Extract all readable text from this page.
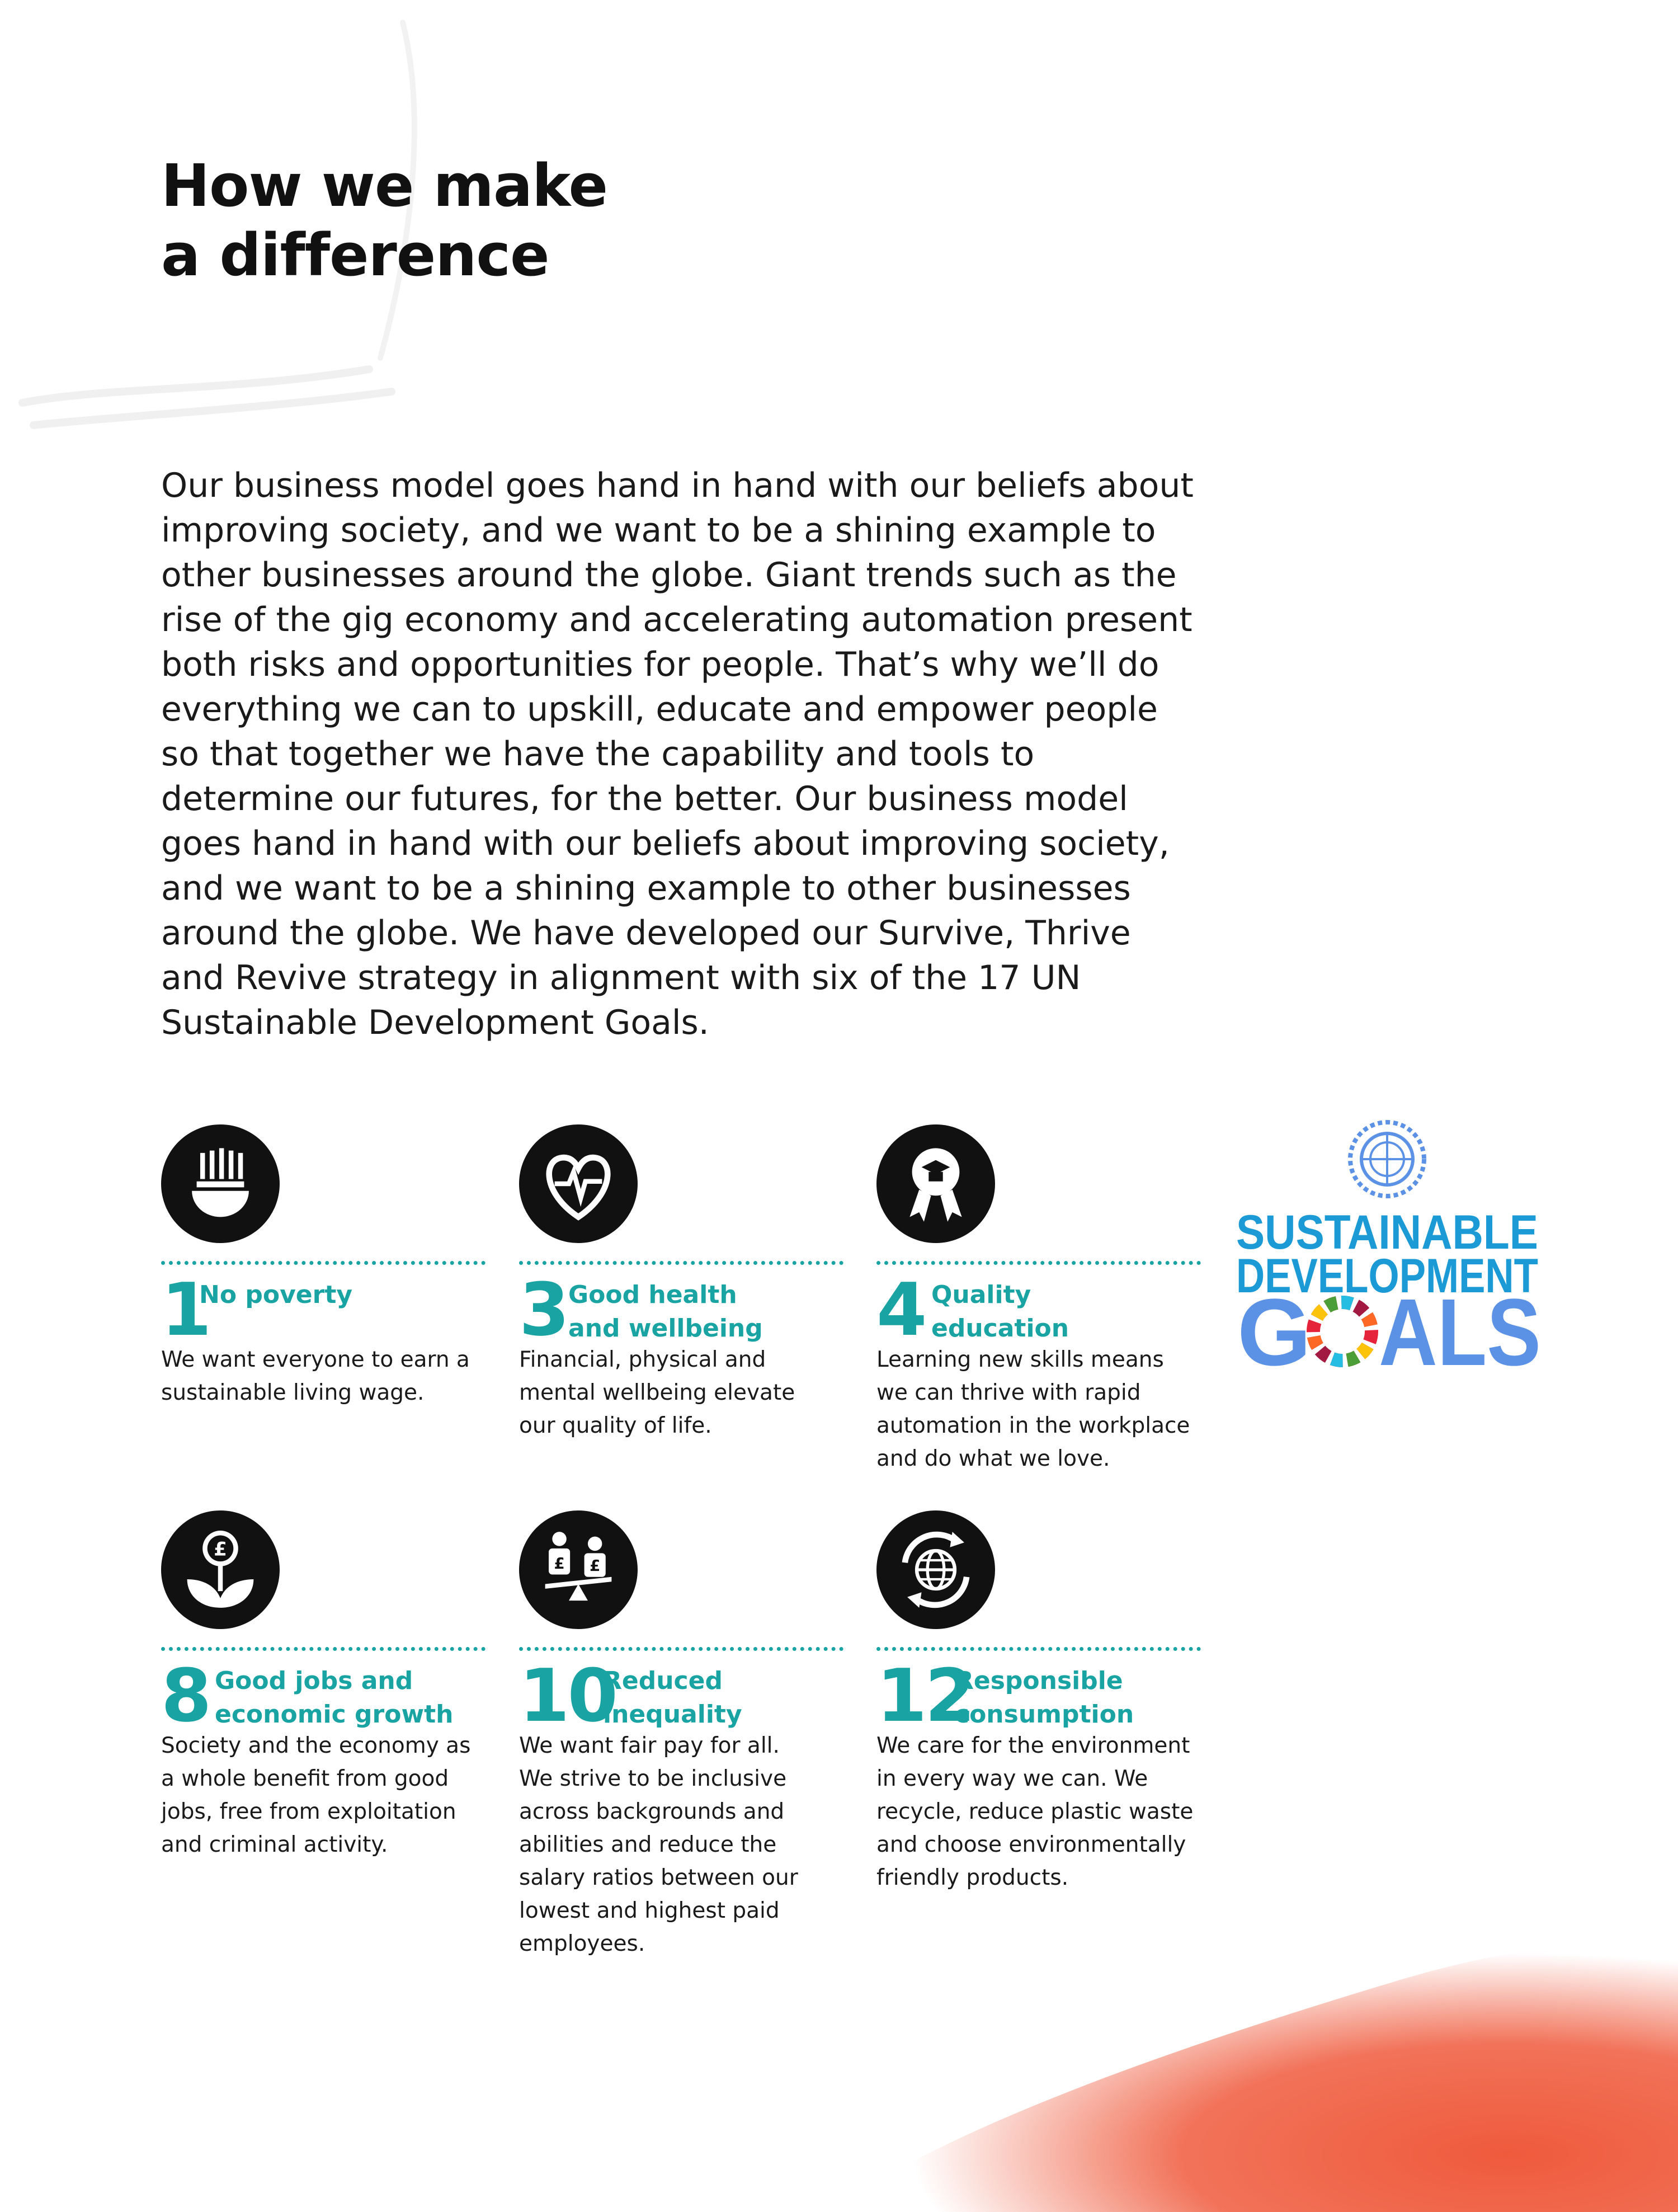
How we make
a difference

Our business model goes hand in hand with our beliefs about improving society, and we want to be a shining example to other businesses around the globe. Giant trends such as the rise of the gig economy and accelerating automation present both risks and opportunities for people. That’s why we’ll do everything we can to upskill, educate and empower people so that together we have the capability and tools to determine our futures, for the better. Our business model goes hand in hand with our beliefs about improving society, and we want to be a shining example to other businesses around the globe. We have developed our Survive, Thrive and Revive strategy in alignment with six of the 17 UN Sustainable Development Goals.

1
No poverty
We want everyone to earn a
sustainable living wage.
3 Good health
and wellbeing
Financial, physical and
mental wellbeing elevate
our quality of life.
4 Quality
education
Learning new skills means
we can thrive with rapid
automation in the workplace
and do what we love.
£
8 Good jobs and
economic growth
Society and the economy as
a whole benefit from good
jobs, free from exploitation
and criminal activity.
£	£
10
Reduced
inequality
We want fair pay for all.
We strive to be inclusive
across backgrounds and
abilities and reduce the
salary ratios between our
lowest and highest paid
employees.
12
Responsible
consumption
We care for the environment
in every way we can. We
recycle, reduce plastic waste
and choose environmentally
friendly products.
SUSTAINABLE
DEVELOPMENT
G ALS
